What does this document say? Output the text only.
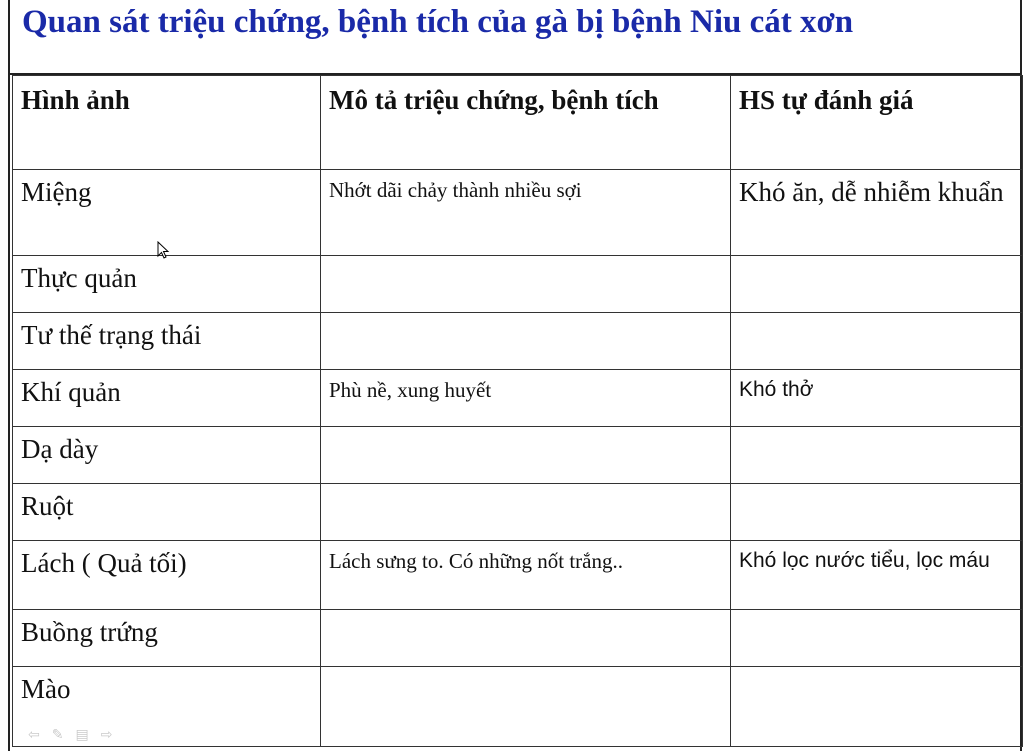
Quan sát triệu chứng, bệnh tích của gà bị bệnh Niu cát xơn
Hình ảnh	Mô tả triệu chứng, bệnh tích	HS tự đánh giá
Miệng	Nhớt dãi chảy thành nhiều sợi	Khó ăn, dễ nhiễm khuẩn
Thực quản		
Tư thế trạng thái		
Khí quản	Phù nề, xung huyết	Khó thở
Dạ dày		
Ruột		
Lách ( Quả tối)	Lách sưng to. Có những nốt trắng..	Khó lọc nước tiểu, lọc máu
Buồng trứng		
Mào		
⇦ ✎ ▤ ⇨
